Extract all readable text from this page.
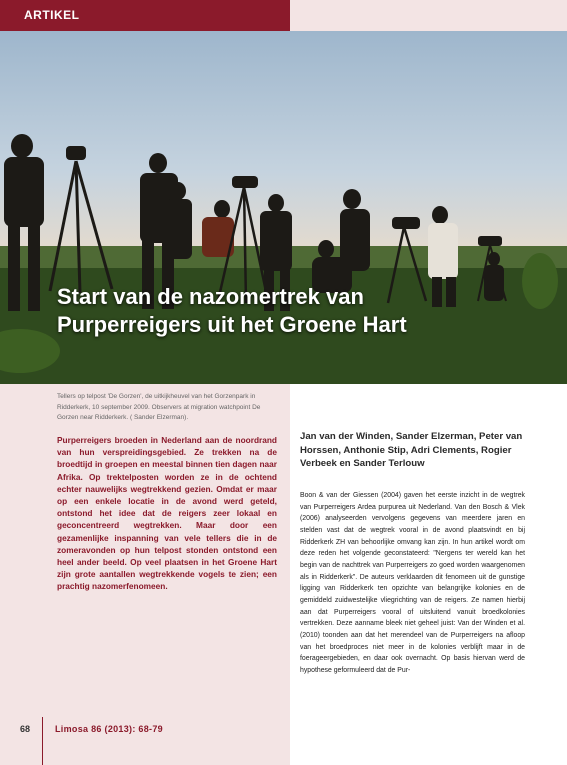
ARTIKEL
Start van de nazomertrek van
Purperreigers uit het Groene Hart

Tellers op telpost 'De Gorzen', de uitkijkheuvel van het Gorzenpark in Ridderkerk, 10 september 2009. Observers at migration watchpoint De Gorzen near Ridderkerk. ( Sander Elzerman).

Purperreigers broeden in Nederland aan de noordrand van hun verspreidingsgebied. Ze trekken na de broedtijd in groepen en meestal binnen tien dagen naar Afrika. Op trektelposten worden ze in de ochtend echter nauwelijks wegtrekkend gezien. Omdat er maar op een enkele locatie in de avond werd geteld, ontstond het idee dat de reigers zeer lokaal en geconcentreerd wegtrekken. Maar door een gezamenlijke inspanning van vele tellers die in de zomeravonden op hun telpost stonden ontstond een heel ander beeld. Op veel plaatsen in het Groene Hart zijn grote aantallen wegtrekkende vogels te zien; een prachtig nazomerfenomeen.

Jan van der Winden, Sander Elzerman, Peter van Horssen, Anthonie Stip, Adri Clements, Rogier Verbeek en Sander Terlouw

Boon & van der Giessen (2004) gaven het eerste inzicht in de wegtrek van Purperreigers Ardea purpurea uit Nederland. Van den Bosch & Vlek (2006) analyseerden vervolgens gegevens van meerdere jaren en stelden vast dat de wegtrek vooral in de avond plaatsvindt en bij Ridderkerk ZH van behoorlijke omvang kan zijn. In hun artikel wordt om deze reden het volgende geconstateerd: "Nergens ter wereld kan het begin van de nachttrek van Purperreigers zo goed worden waargenomen als in Ridderkerk". De auteurs verklaarden dit fenomeen uit de gunstige ligging van Ridderkerk ten opzichte van belangrijke kolonies en de gemiddeld zuidwestelijke vliegrichting van de reigers. Ze namen hierbij aan dat Purperreigers vooral of uitsluitend vanuit broedkolonies vertrekken. Deze aanname bleek niet geheel juist: Van der Winden et al. (2010) toonden aan dat het merendeel van de Purperreigers na afloop van het broedproces niet meer in de kolonies verblijft maar in de foerageergebieden, en daar ook overnacht. Op basis hiervan werd de hypothese geformuleerd dat de Pur-

68	Limosa 86 (2013): 68-79
